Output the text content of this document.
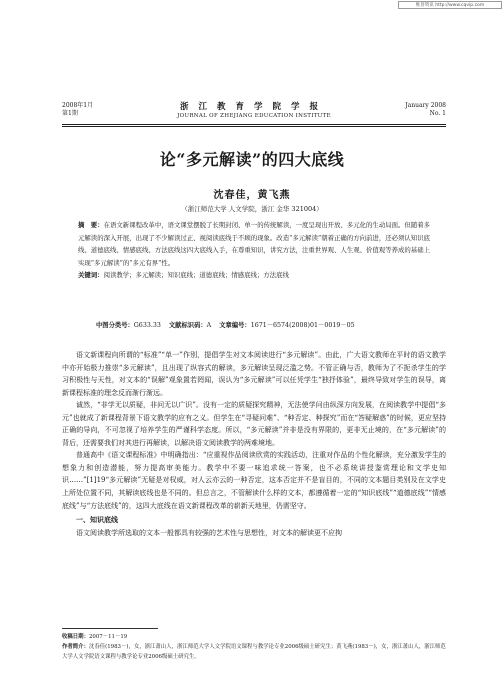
维普资讯 http://www.cqvip.com
2008年1月
第1期
浙江教育学院学报
JOURNAL OF ZHEJIANG EDUCATION INSTITUTE
January 2008
No. 1
论“多元解读”的四大底线
沈春佳，黄飞燕
（浙江师范大学 人文学院，浙江 金华 321004）

摘　要：在语文新课程改革中，语文课堂摆脱了长期封闭、单一的传统解读，一度呈现出开放、多元化的生动局面。但随着多元解读的深入开展，出现了不少解读过正、视阅读底线于不顾的现象。改造“多元解读”朝着正确的方向前进，还必须认知识底线、道德底线、情感底线、方法底线这四大底线入手，在尊重知识，讲究方法，注重世界观、人生观、价值观等养成的基础上实现“多元解读”的“多元有界”性。

关键词：阅读教学；多元解读；知识底线；道德底线；情感底线；方法底线

中图分类号：G633.33 文献标识码：A 文章编号：1671－6574(2008)01－0019－05

语文新课程向所谓的“标准”“单一”作别，提倡学生对文本阅读进行“多元解读”。由此，广大语文教师在平时的语文教学中亦开始极力推崇“多元解读”，且出现了纵容式的解读，多元解读呈现泛滥之势。不管正确与否，教师为了不扼杀学生的学习积极性与天性，对文本的“误解”观象置若罔闻，误认为“多元解读”可以任凭学生“独抒体验”，最终导致对学生的误导，离新课程标准的理念反而渐行渐远。

诚然，“非学无以质疑，非问无以广识”。没有一定的质疑探究精神，无法使学问由纵深方向发展，在阅读教学中提倡“多元”也就成了新课程背景下语文教学的应有之义。但学生在“寻疑问难”、“种否定、种探究”而在“答疑解惑”的时候，更应坚持正确的导向，不可忽视了培养学生的严谨科学态度。所以，“多元解读”并非是没有界限的，更非无止境的，在“多元解读”的背后，还需要我们对其进行再解读，以解决语文阅读教学的两难境地。

普通高中《语文课程标准》中明确指出：“应重视作品阅读欣赏的实践活动，注重对作品的个性化解读，充分激发学生的想象力和创造潜能，努力提高审美能力。教学中不要一味追求统一答案，也不必系统讲授鉴赏理论和文学史知识……”[1]19“多元解读”无疑是对权威，对人云亦云的一种否定，这本否定并不是盲目的，不同的文本题目类别及在文学史上所处位置不同，其解读底线也是不同的。但总言之，不管解读什么样的文本，都遵循着一定的“知识底线”“道德底线”“情感底线”与“方法底线”的，这四大底线在语文新课程改革的崭新天地里，仍需坚守。

一、知识底线

语文阅读教学所选取的文本一般都具有较强的艺术性与思想性，对文本的解读更不应拘

收稿日期：2007－11－19

作者简介：沈春佳(1983－)，女，浙江萧山人，浙江师范大学人文学院语文课程与教学论专业2006级硕士研究生；黄飞燕(1983－)，女，浙江萧山人，浙江师范大学人文学院语文课程与教学论专业2006级硕士研究生。
